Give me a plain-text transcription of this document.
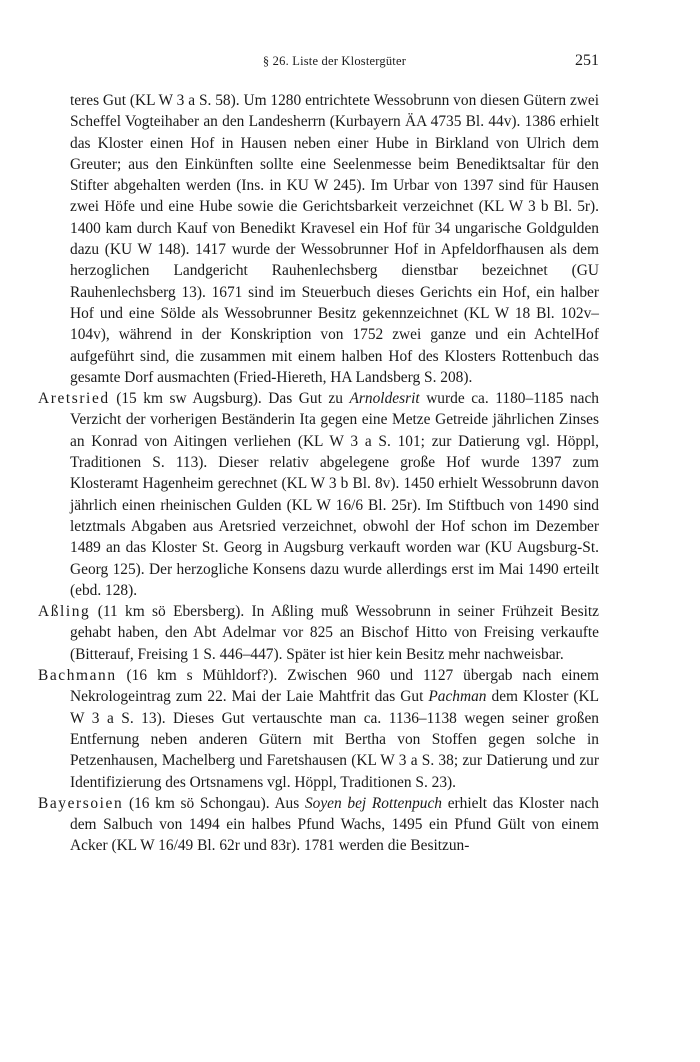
§ 26. Liste der Klostergüter	251

teres Gut (KL W 3 a S. 58). Um 1280 entrichtete Wessobrunn von diesen Gütern zwei Scheffel Vogteihaber an den Landesherrn (Kurbayern ÄA 4735 Bl. 44v). 1386 erhielt das Kloster einen Hof in Hausen neben einer Hube in Birkland von Ulrich dem Greuter; aus den Einkünften sollte eine Seelenmesse beim Benediktsaltar für den Stifter abgehalten werden (Ins. in KU W 245). Im Urbar von 1397 sind für Hausen zwei Höfe und eine Hube sowie die Gerichtsbarkeit verzeichnet (KL W 3 b Bl. 5r). 1400 kam durch Kauf von Benedikt Kravesel ein Hof für 34 ungarische Goldgulden dazu (KU W 148). 1417 wurde der Wessobrunner Hof in Apfeldorfhausen als dem herzoglichen Landgericht Rauhenlechsberg dienstbar bezeichnet (GU Rauhenlechsberg 13). 1671 sind im Steuerbuch dieses Gerichts ein Hof, ein halber Hof und eine Sölde als Wessobrunner Besitz gekennzeichnet (KL W 18 Bl. 102v–104v), während in der Konskription von 1752 zwei ganze und ein AchtelHof aufgeführt sind, die zusammen mit einem halben Hof des Klosters Rottenbuch das gesamte Dorf ausmachten (Fried-Hiereth, HA Landsberg S. 208).

Aretsried (15 km sw Augsburg). Das Gut zu Arnoldesrit wurde ca. 1180–1185 nach Verzicht der vorherigen Beständerin Ita gegen eine Metze Getreide jährlichen Zinses an Konrad von Aitingen verliehen (KL W 3 a S. 101; zur Datierung vgl. Höppl, Traditionen S. 113). Dieser relativ abgelegene große Hof wurde 1397 zum Klosteramt Hagenheim gerechnet (KL W 3 b Bl. 8v). 1450 erhielt Wessobrunn davon jährlich einen rheinischen Gulden (KL W 16/6 Bl. 25r). Im Stiftbuch von 1490 sind letztmals Abgaben aus Aretsried verzeichnet, obwohl der Hof schon im Dezember 1489 an das Kloster St. Georg in Augsburg verkauft worden war (KU Augsburg-St. Georg 125). Der herzogliche Konsens dazu wurde allerdings erst im Mai 1490 erteilt (ebd. 128).

Aßling (11 km sö Ebersberg). In Aßling muß Wessobrunn in seiner Frühzeit Besitz gehabt haben, den Abt Adelmar vor 825 an Bischof Hitto von Freising verkaufte (Bitterauf, Freising 1 S. 446–447). Später ist hier kein Besitz mehr nachweisbar.

Bachmann (16 km s Mühldorf?). Zwischen 960 und 1127 übergab nach einem Nekrologeintrag zum 22. Mai der Laie Mahtfrit das Gut Pachman dem Kloster (KL W 3 a S. 13). Dieses Gut vertauschte man ca. 1136–1138 wegen seiner großen Entfernung neben anderen Gütern mit Bertha von Stoffen gegen solche in Petzenhausen, Machelberg und Faretshausen (KL W 3 a S. 38; zur Datierung und zur Identifizierung des Ortsnamens vgl. Höppl, Traditionen S. 23).

Bayersoien (16 km sö Schongau). Aus Soyen bej Rottenpuch erhielt das Kloster nach dem Salbuch von 1494 ein halbes Pfund Wachs, 1495 ein Pfund Gült von einem Acker (KL W 16/49 Bl. 62r und 83r). 1781 werden die Besitzun-
